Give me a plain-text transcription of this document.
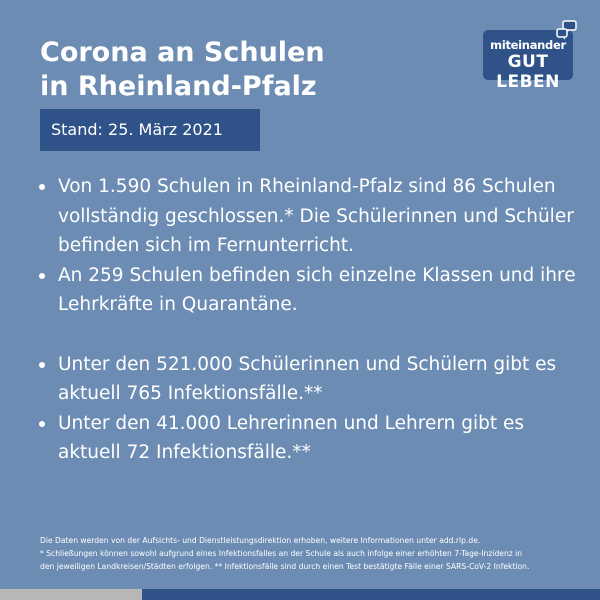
Corona an Schulen
in Rheinland-Pfalz
miteinander
GUT LEBEN
Stand: 25. März 2021
Von 1.590 Schulen in Rheinland-Pfalz sind 86 Schulen vollständig geschlossen.* Die Schülerinnen und Schüler befinden sich im Fernunterricht.
An 259 Schulen befinden sich einzelne Klassen und ihre Lehrkräfte in Quarantäne.
Unter den 521.000 Schülerinnen und Schülern gibt es aktuell 765 Infektionsfälle.**
Unter den 41.000 Lehrerinnen und Lehrern gibt es aktuell 72 Infektionsfälle.**

Die Daten werden von der Aufsichts- und Dienstleistungsdirektion erhoben, weitere Informationen unter add.rlp.de.
* Schließungen können sowohl aufgrund eines Infektionsfalles an der Schule als auch infolge einer erhöhten 7-Tage-Inzidenz in
den jeweiligen Landkreisen/Städten erfolgen. ** Infektionsfälle sind durch einen Test bestätigte Fälle einer SARS-CoV-2 Infektion.
